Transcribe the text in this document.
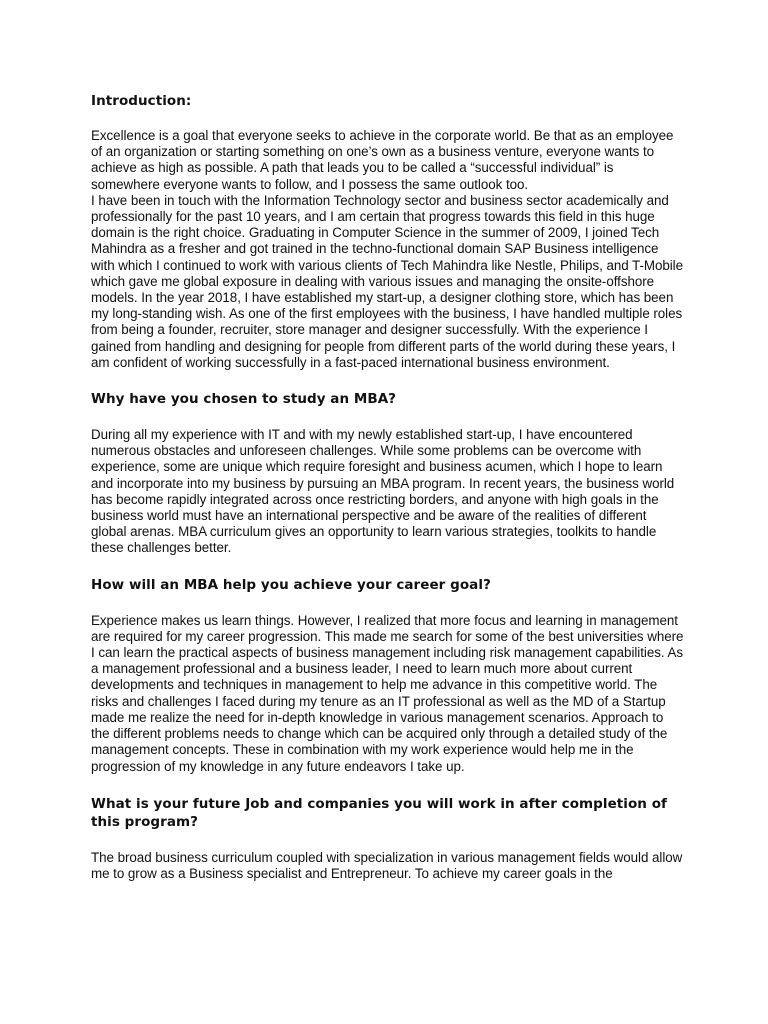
Introduction:

Excellence is a goal that everyone seeks to achieve in the corporate world. Be that as an employee of an organization or starting something on one’s own as a business venture, everyone wants to achieve as high as possible. A path that leads you to be called a “successful individual” is somewhere everyone wants to follow, and I possess the same outlook too.

I have been in touch with the Information Technology sector and business sector academically and professionally for the past 10 years, and I am certain that progress towards this field in this huge domain is the right choice. Graduating in Computer Science in the summer of 2009, I joined Tech Mahindra as a fresher and got trained in the techno-functional domain SAP Business intelligence with which I continued to work with various clients of Tech Mahindra like Nestle, Philips, and T-Mobile which gave me global exposure in dealing with various issues and managing the onsite-offshore models. In the year 2018, I have established my start-up, a designer clothing store, which has been my long-standing wish. As one of the first employees with the business, I have handled multiple roles from being a founder, recruiter, store manager and designer successfully. With the experience I gained from handling and designing for people from different parts of the world during these years, I am confident of working successfully in a fast-paced international business environment.

Why have you chosen to study an MBA?

During all my experience with IT and with my newly established start-up, I have encountered numerous obstacles and unforeseen challenges. While some problems can be overcome with experience, some are unique which require foresight and business acumen, which I hope to learn and incorporate into my business by pursuing an MBA program. In recent years, the business world has become rapidly integrated across once restricting borders, and anyone with high goals in the business world must have an international perspective and be aware of the realities of different global arenas. MBA curriculum gives an opportunity to learn various strategies, toolkits to handle these challenges better.

How will an MBA help you achieve your career goal?

Experience makes us learn things. However, I realized that more focus and learning in management are required for my career progression. This made me search for some of the best universities where I can learn the practical aspects of business management including risk management capabilities. As a management professional and a business leader, I need to learn much more about current developments and techniques in management to help me advance in this competitive world. The risks and challenges I faced during my tenure as an IT professional as well as the MD of a Startup made me realize the need for in-depth knowledge in various management scenarios. Approach to the different problems needs to change which can be acquired only through a detailed study of the management concepts. These in combination with my work experience would help me in the progression of my knowledge in any future endeavors I take up.

What is your future Job and companies you will work in after completion of this program?

The broad business curriculum coupled with specialization in various management fields would allow me to grow as a Business specialist and Entrepreneur. To achieve my career goals in the
